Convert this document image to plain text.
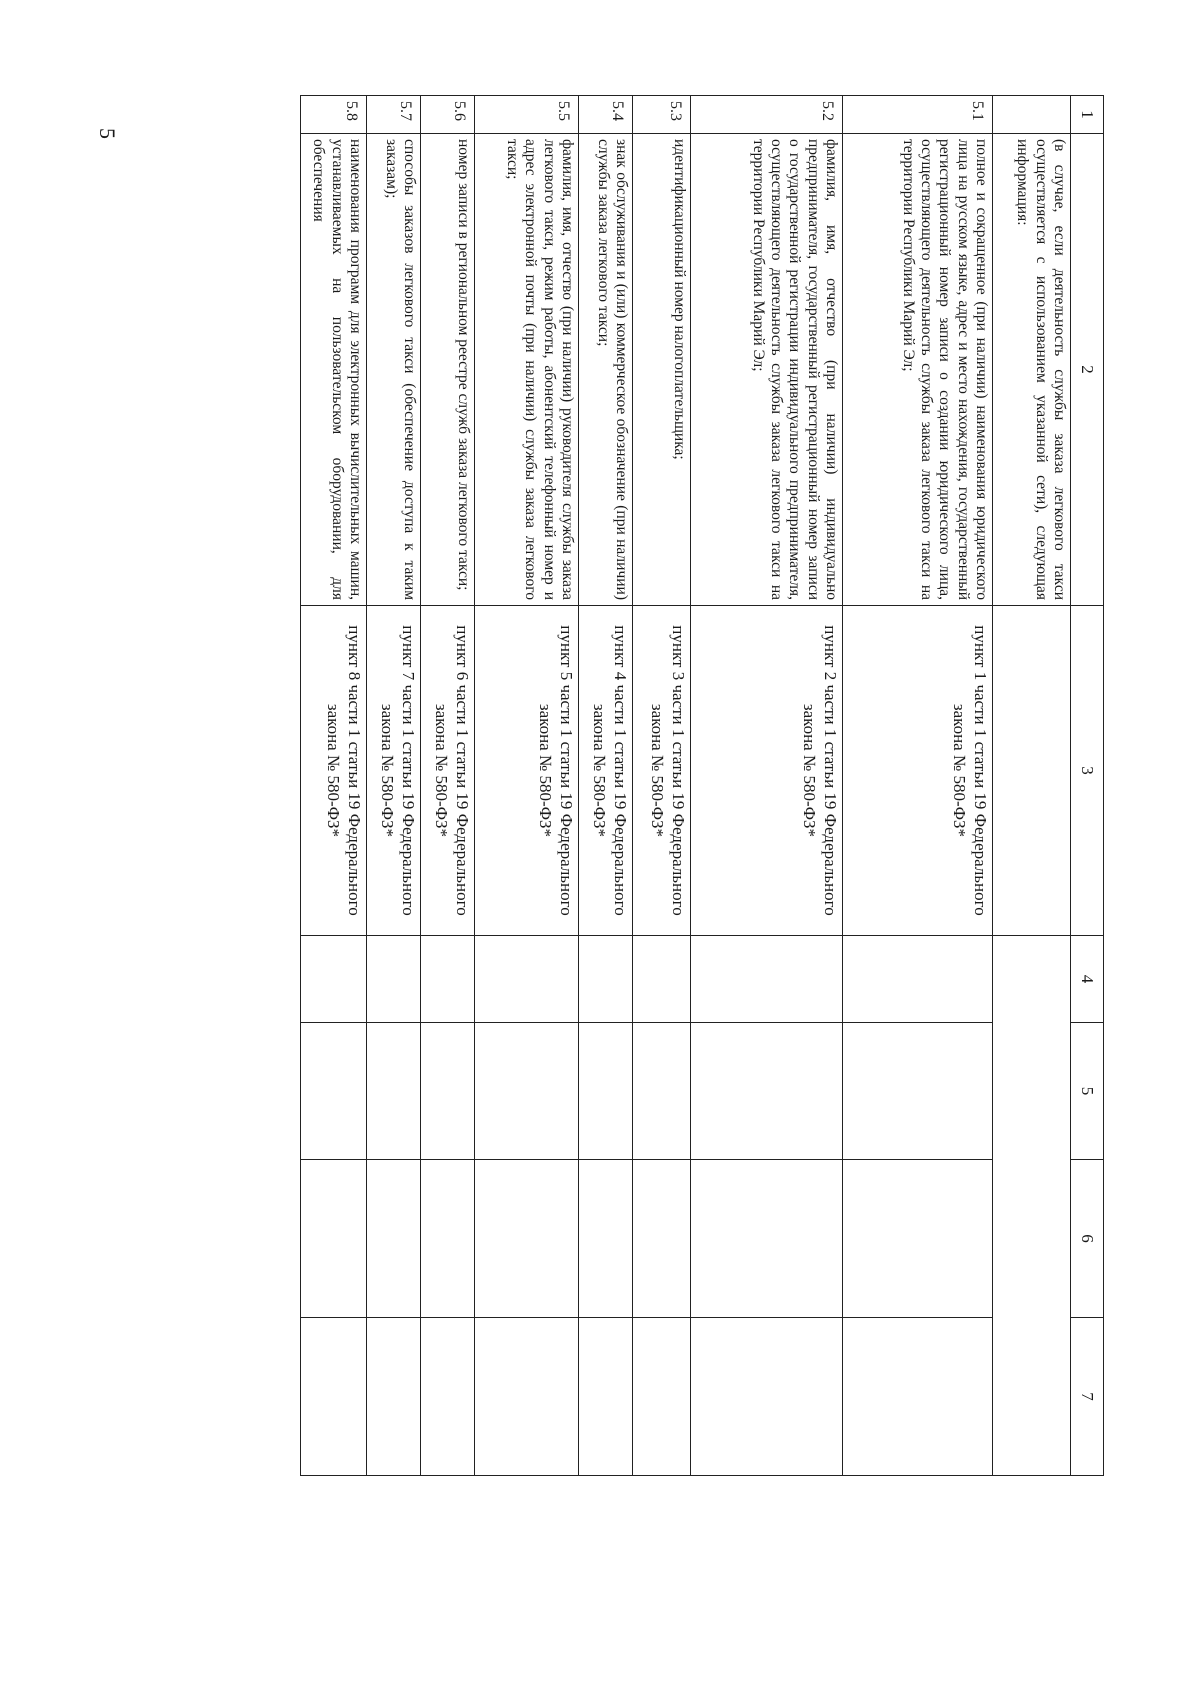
5
1	2	3	4	5	6	7
	(в случае, если деятельность службы заказа легкового такси осуществляется с использованием указанной сети), следующая информация:					
5.1	полное и сокращенное (при наличии) наименования юридического лица на русском языке, адрес и место нахождения, государственный регистрационный номер записи о создании юридического лица, осуществляющего деятельность службы заказа легкового такси на территории Республики Марий Эл;	пункт 1 части 1 статьи 19 Федерального закона № 580-ФЗ*				
5.2	фамилия, имя, отчество (при наличии) индивидуально предпринимателя, государственный регистрационный номер записи о государственной регистрации индивидуального предпринимателя, осуществляющего деятельность службы заказа легкового такси на территории Республики Марий Эл;	пункт 2 части 1 статьи 19 Федерального закона № 580-ФЗ*				
5.3	идентификационный номер налогоплательщика;	пункт 3 части 1 статьи 19 Федерального закона № 580-ФЗ*				
5.4	знак обслуживания и (или) коммерческое обозначение (при наличии) службы заказа легкового такси;	пункт 4 части 1 статьи 19 Федерального закона № 580-ФЗ*				
5.5	фамилия, имя, отчество (при наличии) руководителя службы заказа легкового такси, режим работы, абонентский телефонный номер и адрес электронной почты (при наличии) службы заказа легкового такси;	пункт 5 части 1 статьи 19 Федерального закона № 580-ФЗ*				
5.6	номер записи в региональном реестре служб заказа легкового такси;	пункт 6 части 1 статьи 19 Федерального закона № 580-ФЗ*				
5.7	способы заказов легкового такси (обеспечение доступа к таким заказам);	пункт 7 части 1 статьи 19 Федерального закона № 580-ФЗ*				
5.8	наименования программ для электронных вычислительных машин, устанавливаемых на пользовательском оборудовании, для обеспечения	пункт 8 части 1 статьи 19 Федерального закона № 580-ФЗ*				
